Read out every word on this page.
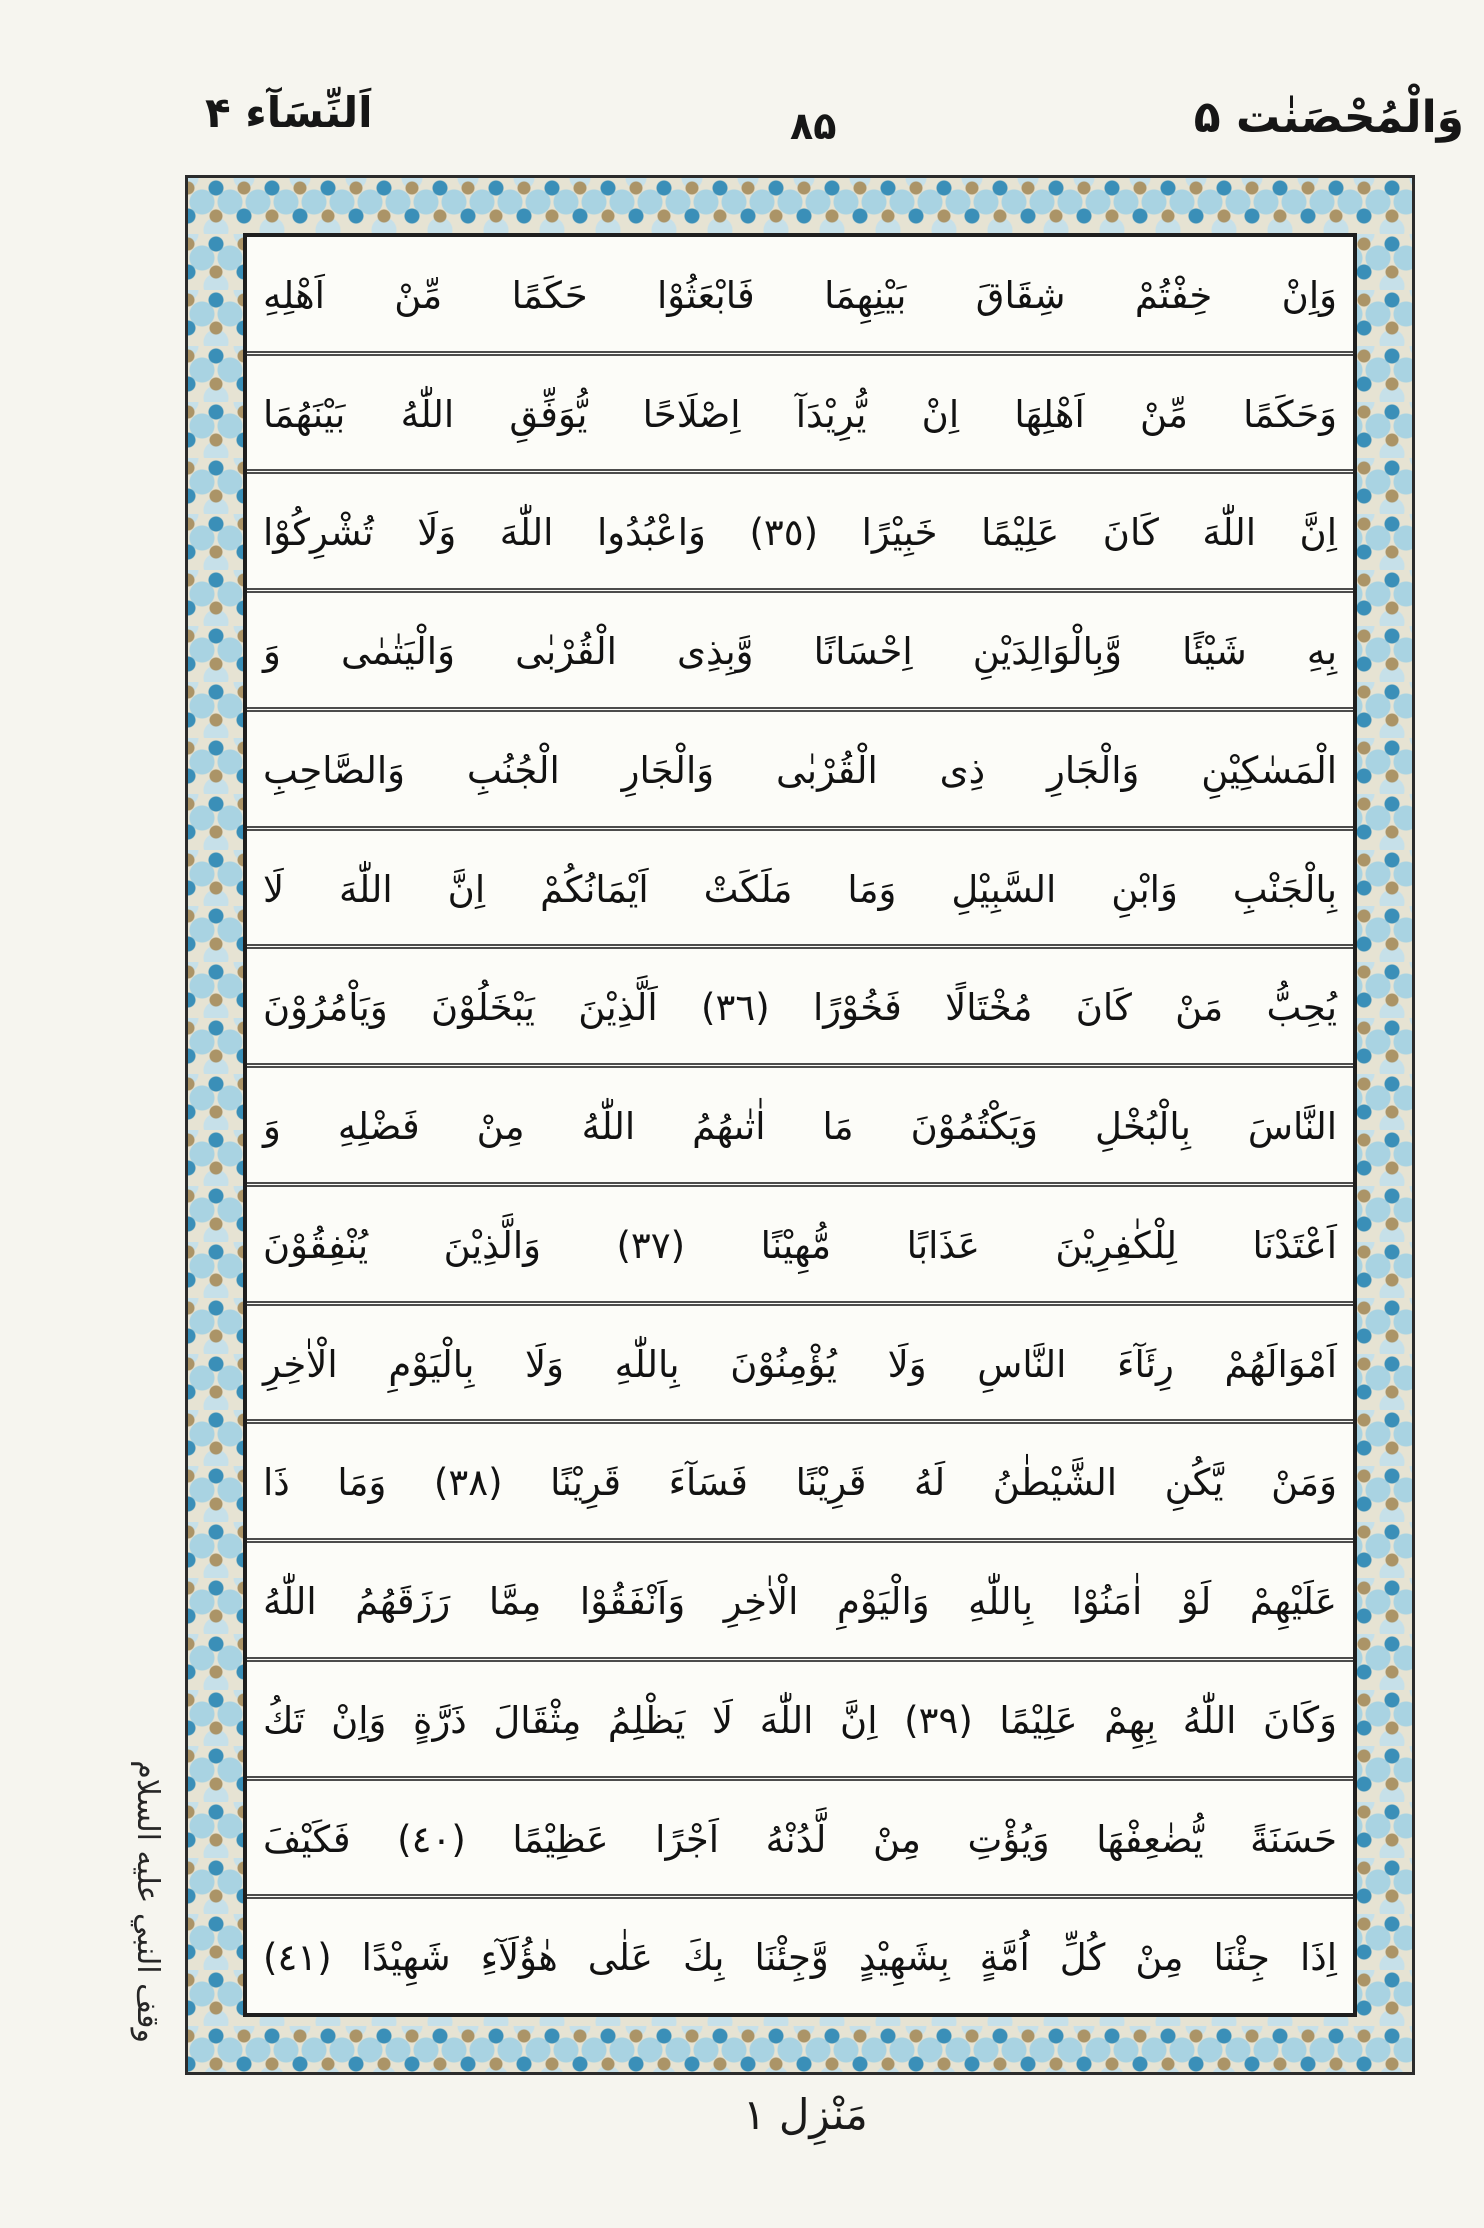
اَلنِّسَآء ۴	۸۵	وَالْمُحْصَنٰت ۵
وَاِنْ خِفْتُمْ شِقَاقَ بَيْنِهِمَا فَابْعَثُوْا حَكَمًا مِّنْ اَهْلِهِ
وَحَكَمًا مِّنْ اَهْلِهَا اِنْ يُّرِيْدَآ اِصْلَاحًا يُّوَفِّقِ اللّٰهُ بَيْنَهُمَا
اِنَّ اللّٰهَ كَانَ عَلِيْمًا خَبِيْرًا (٣٥) وَاعْبُدُوا اللّٰهَ وَلَا تُشْرِكُوْا
بِهِ شَيْئًا وَّبِالْوَالِدَيْنِ اِحْسَانًا وَّبِذِى الْقُرْبٰى وَالْيَتٰمٰى وَ
الْمَسٰكِيْنِ وَالْجَارِ ذِى الْقُرْبٰى وَالْجَارِ الْجُنُبِ وَالصَّاحِبِ
بِالْجَنْبِ وَابْنِ السَّبِيْلِ وَمَا مَلَكَتْ اَيْمَانُكُمْ اِنَّ اللّٰهَ لَا
يُحِبُّ مَنْ كَانَ مُخْتَالًا فَخُوْرًا (٣٦) اَلَّذِيْنَ يَبْخَلُوْنَ وَيَاْمُرُوْنَ
النَّاسَ بِالْبُخْلِ وَيَكْتُمُوْنَ مَا اٰتٰىهُمُ اللّٰهُ مِنْ فَضْلِهِ وَ
اَعْتَدْنَا لِلْكٰفِرِيْنَ عَذَابًا مُّهِيْنًا (٣٧) وَالَّذِيْنَ يُنْفِقُوْنَ
اَمْوَالَهُمْ رِئَآءَ النَّاسِ وَلَا يُؤْمِنُوْنَ بِاللّٰهِ وَلَا بِالْيَوْمِ الْاٰخِرِ
وَمَنْ يَّكُنِ الشَّيْطٰنُ لَهُ قَرِيْنًا فَسَآءَ قَرِيْنًا (٣٨) وَمَا ذَا
عَلَيْهِمْ لَوْ اٰمَنُوْا بِاللّٰهِ وَالْيَوْمِ الْاٰخِرِ وَاَنْفَقُوْا مِمَّا رَزَقَهُمُ اللّٰهُ
وَكَانَ اللّٰهُ بِهِمْ عَلِيْمًا (٣٩) اِنَّ اللّٰهَ لَا يَظْلِمُ مِثْقَالَ ذَرَّةٍ وَاِنْ تَكُ
حَسَنَةً يُّضٰعِفْهَا وَيُؤْتِ مِنْ لَّدُنْهُ اَجْرًا عَظِيْمًا (٤٠) فَكَيْفَ
اِذَا جِئْنَا مِنْ كُلِّ اُمَّةٍ بِشَهِيْدٍ وَّجِئْنَا بِكَ عَلٰى هٰؤُلَآءِ شَهِيْدًا (٤١)
وقف النبي عليه السلام
مَنْزِل ١
